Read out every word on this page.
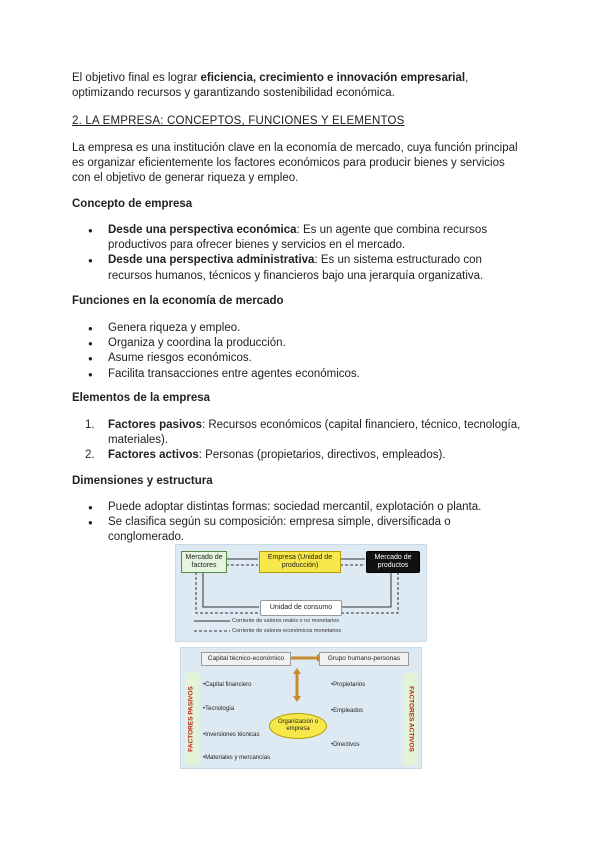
El objetivo final es lograr eficiencia, crecimiento e innovación empresarial, optimizando recursos y garantizando sostenibilidad económica.

2. LA EMPRESA: CONCEPTOS, FUNCIONES Y ELEMENTOS

La empresa es una institución clave en la economía de mercado, cuya función principal es organizar eficientemente los factores económicos para producir bienes y servicios con el objetivo de generar riqueza y empleo.

Concepto de empresa

● Desde una perspectiva económica: Es un agente que combina recursos productivos para ofrecer bienes y servicios en el mercado.
● Desde una perspectiva administrativa: Es un sistema estructurado con recursos humanos, técnicos y financieros bajo una jerarquía organizativa.

Funciones en la economía de mercado

● Genera riqueza y empleo.
● Organiza y coordina la producción.
● Asume riesgos económicos.
● Facilita transacciones entre agentes económicos.

Elementos de la empresa

1. Factores pasivos: Recursos económicos (capital financiero, técnico, tecnología, materiales).
2. Factores activos: Personas (propietarios, directivos, empleados).

Dimensiones y estructura

● Puede adoptar distintas formas: sociedad mercantil, explotación o planta.
● Se clasifica según su composición: empresa simple, diversificada o conglomerado.
Mercado de factores
Empresa (Unidad de producción)
Mercado de productos
Unidad de consumo
Corriente de valores reales o no monetarios
Corriente de valores económicos monetarios
Capital técnico-económico	Grupo humano-personas
FACTORES PASIVOS	FACTORES ACTIVOS
•Capital financiero
•Tecnología
•Inversiones técnicas
•Materiales y mercancías
•Propietarios
•Empleados
•Directivos
Organización o empresa
